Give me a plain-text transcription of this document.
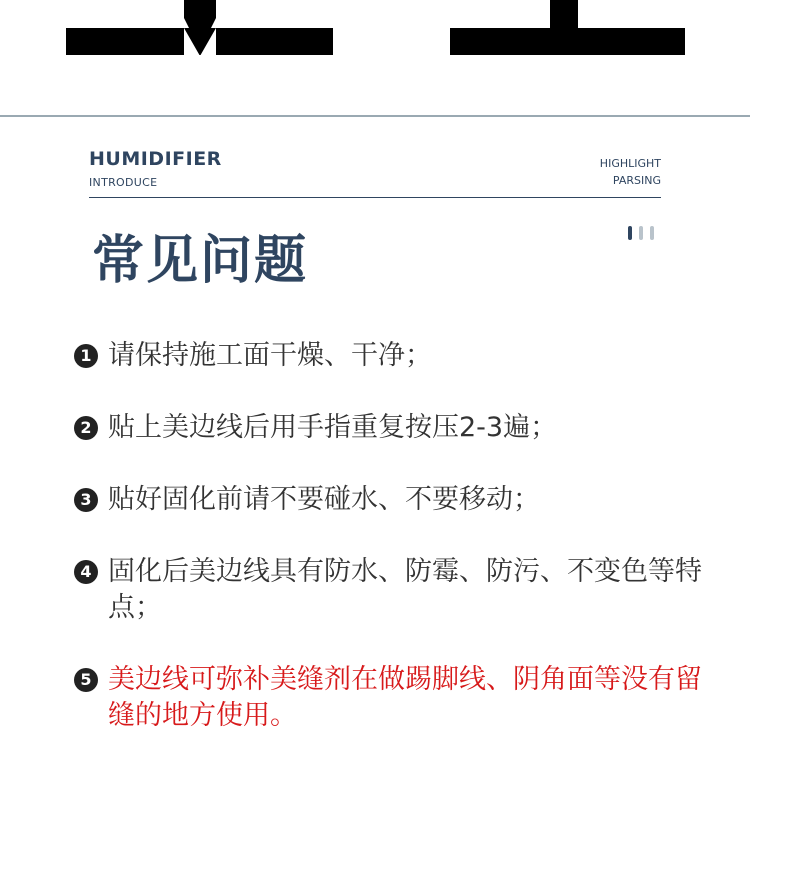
HUMIDIFIER
INTRODUCE
HIGHLIGHT
PARSING
常见问题
1 请保持施工面干燥、干净；
2 贴上美边线后用手指重复按压2-3遍；
3 贴好固化前请不要碰水、不要移动；
4 固化后美边线具有防水、防霉、防污、不变色等特点；
5 美边线可弥补美缝剂在做踢脚线、阴角面等没有留缝的地方使用。
